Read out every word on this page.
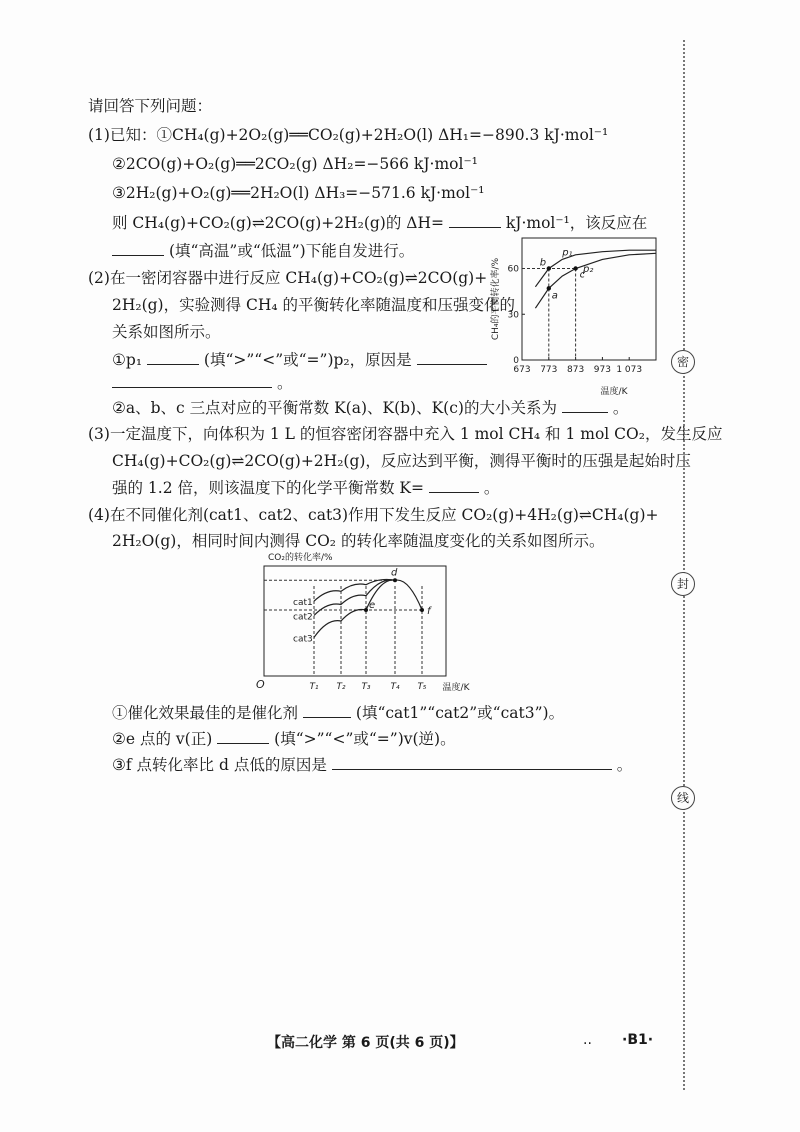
请回答下列问题：
(1)已知：①CH₄(g)+2O₂(g)══CO₂(g)+2H₂O(l) ΔH₁=−890.3 kJ·mol⁻¹
②2CO(g)+O₂(g)══2CO₂(g) ΔH₂=−566 kJ·mol⁻¹
③2H₂(g)+O₂(g)══2H₂O(l) ΔH₃=−571.6 kJ·mol⁻¹
则 CH₄(g)+CO₂(g)⇌2CO(g)+2H₂(g)的 ΔH=	kJ·mol⁻¹，该反应在
(填“高温”或“低温”)下能自发进行。
(2)在一密闭容器中进行反应 CH₄(g)+CO₂(g)⇌2CO(g)+
2H₂(g)，实验测得 CH₄ 的平衡转化率随温度和压强变化的
关系如图所示。
①p₁	(填“>”“<”或“=”)p₂，原因是
。
②a、b、c 三点对应的平衡常数 K(a)、K(b)、K(c)的大小关系为	。
673 773 873 973 1 073
0
30
60
温度/K
CH₄的平衡转化率/%
p₁
p₂
a
b
c
(3)一定温度下，向体积为 1 L 的恒容密闭容器中充入 1 mol CH₄ 和 1 mol CO₂，发生反应
CH₄(g)+CO₂(g)⇌2CO(g)+2H₂(g)，反应达到平衡，测得平衡时的压强是起始时压
强的 1.2 倍，则该温度下的化学平衡常数 K=	。
(4)在不同催化剂(cat1、cat2、cat3)作用下发生反应 CO₂(g)+4H₂(g)⇌CH₄(g)+
2H₂O(g)，相同时间内测得 CO₂ 的转化率随温度变化的关系如图所示。
CO₂的转化率/%
O	T₁ T₂ T₃ T₄ T₅ 温度/K
cat1
cat2
cat3
d
e
f
①催化效果最佳的是催化剂	(填“cat1”“cat2”或“cat3”)。
②e 点的 v(正)	(填“>”“<”或“=”)v(逆)。
③f 点转化率比 d 点低的原因是	。
密
封
线
【高二化学 第 6 页(共 6 页)】	.. ·B1·
